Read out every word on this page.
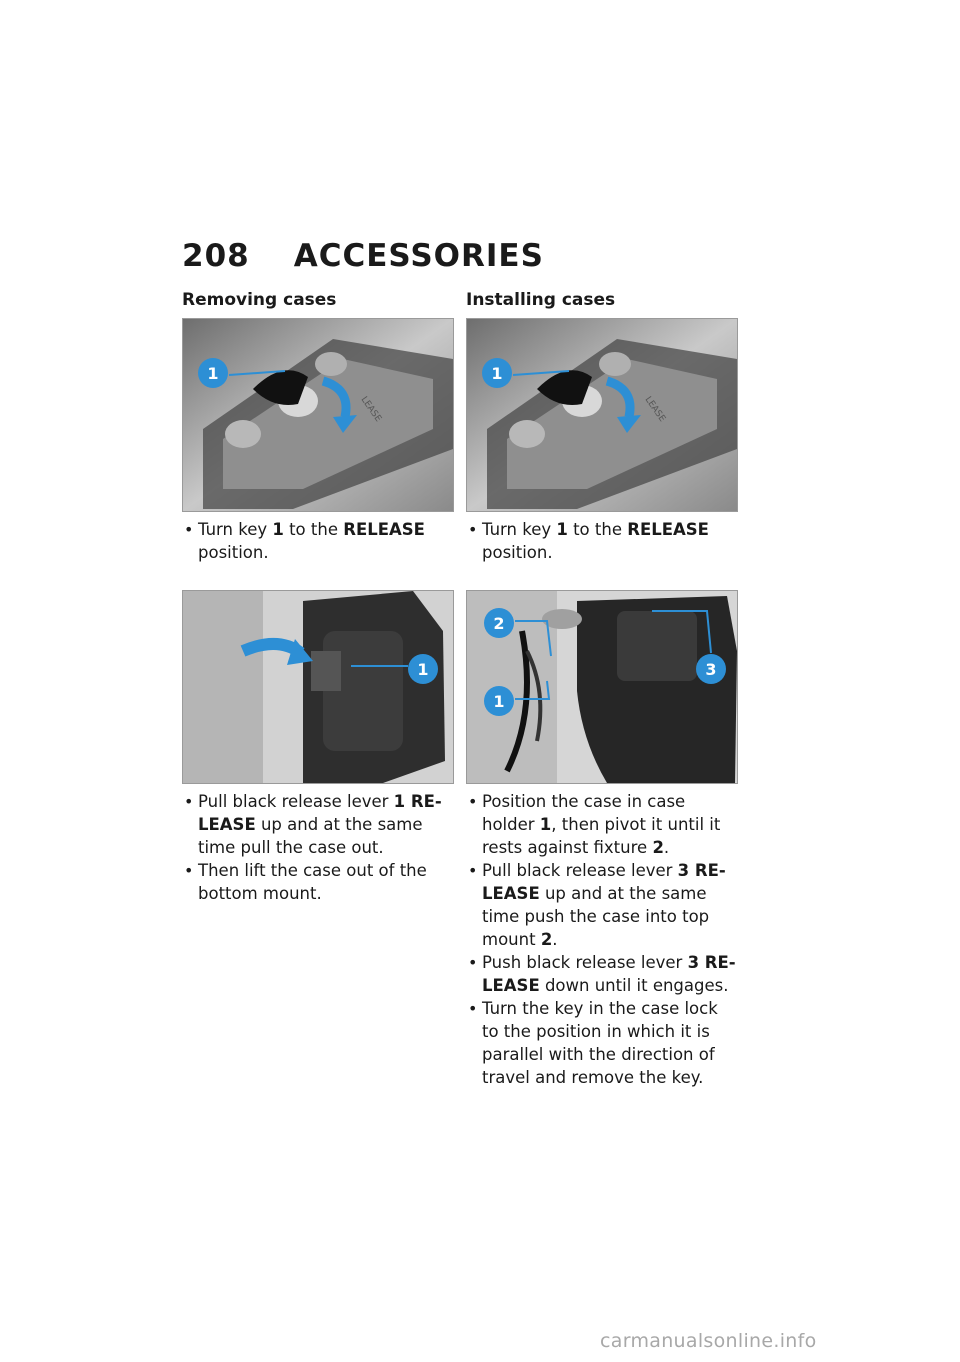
208 ACCESSORIES
Removing cases
1
LEASE
• Turn key 1 to the RELEASE position.
1
• Pull black release lever 1 RE-LEASE up and at the same time pull the case out.
• Then lift the case out of the bottom mount.
Installing cases
1
LEASE
• Turn key 1 to the RELEASE position.
2
1
3
• Position the case in case holder 1, then pivot it until it rests against fixture 2.
• Pull black release lever 3 RE-LEASE up and at the same time push the case into top mount 2.
• Push black release lever 3 RE-LEASE down until it engages.
• Turn the key in the case lock to the position in which it is parallel with the direction of travel and remove the key.
carmanualsonline.info
